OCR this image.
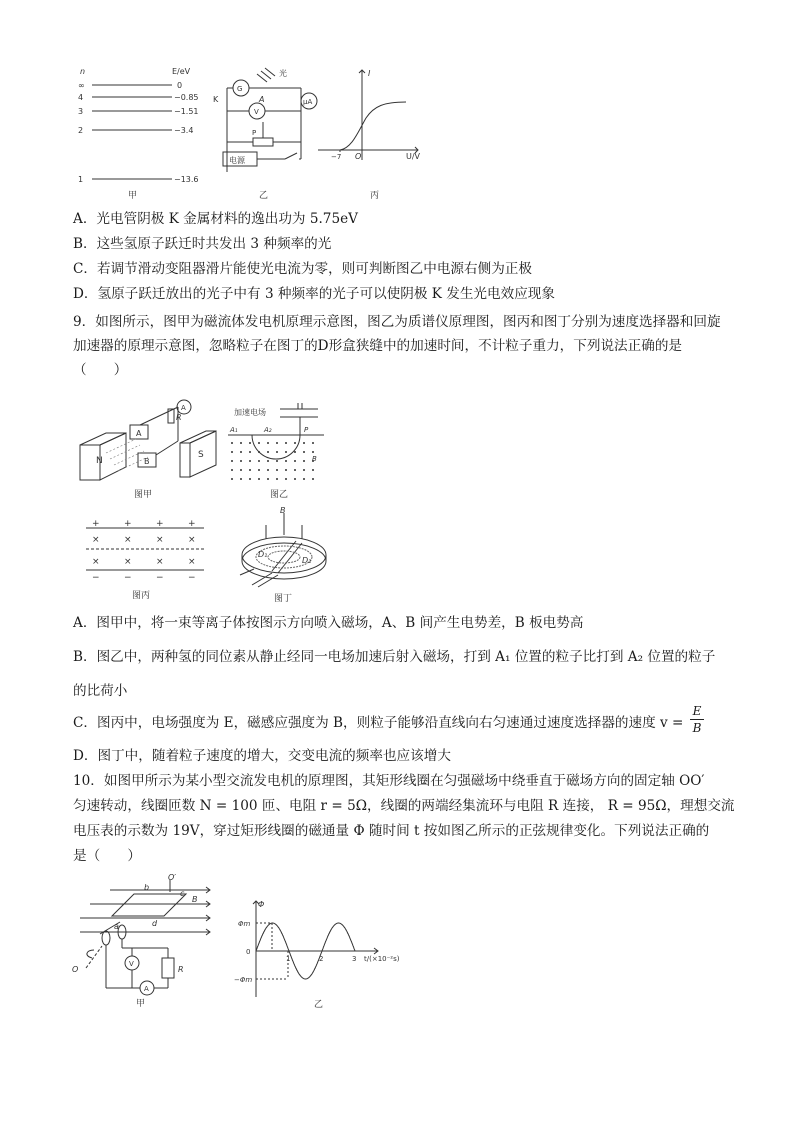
n	E/eV
∞	0
4	−0.85
3	−1.51
2	−3.4
1	−13.6
甲
光
K	A
G
V
μA
P
电源
乙
I
O
−7	U/V
丙
A．光电管阴极 K 金属材料的逸出功为 5.75eV
B．这些氢原子跃迁时共发出 3 种频率的光
C．若调节滑动变阻器滑片能使光电流为零，则可判断图乙中电源右侧为正极
D．氢原子跃迁放出的光子中有 3 种频率的光子可以使阴极 K 发生光电效应现象
9．如图所示，图甲为磁流体发电机原理示意图，图乙为质谱仪原理图，图丙和图丁分别为速度选择器和回旋加速器的原理示意图，忽略粒子在图丁的D形盒狭缝中的加速时间，不计粒子重力，下列说法正确的是（　　）
N
S
A
B
A
R
图甲
加速电场
A₁	A₂	P
B
图乙
+	+	+	+
×	×	×	×
×	×	×	×
−	−	−	−
图丙
B
D₁
D₂
图丁
A．图甲中，将一束等离子体按图示方向喷入磁场，A、B 间产生电势差，B 板电势高
B．图乙中，两种氢的同位素从静止经同一电场加速后射入磁场，打到 A₁ 位置的粒子比打到 A₂ 位置的粒子
的比荷小
C．图丙中，电场强度为 E，磁感应强度为 B，则粒子能够沿直线向右匀速通过速度选择器的速度 $v = \frac{E}{B}$
D．图丁中，随着粒子速度的增大，交变电流的频率也应该增大
10．如图甲所示为某小型交流发电机的原理图，其矩形线圈在匀强磁场中绕垂直于磁场方向的固定轴 OO′
匀速转动，线圈匝数 N = 100 匝、电阻 r = 5Ω，线圈的两端经集流环与电阻 R 连接， R = 95Ω，理想交流
电压表的示数为 19V，穿过矩形线圈的磁通量 Φ 随时间 t 按如图乙所示的正弦规律变化。下列说法正确的
是（　　）
O′
O
a
b
c
d
B
V
R
A
甲
Φ
Φm
−Φm
0
1	2	3 t/(×10⁻²s)
乙
